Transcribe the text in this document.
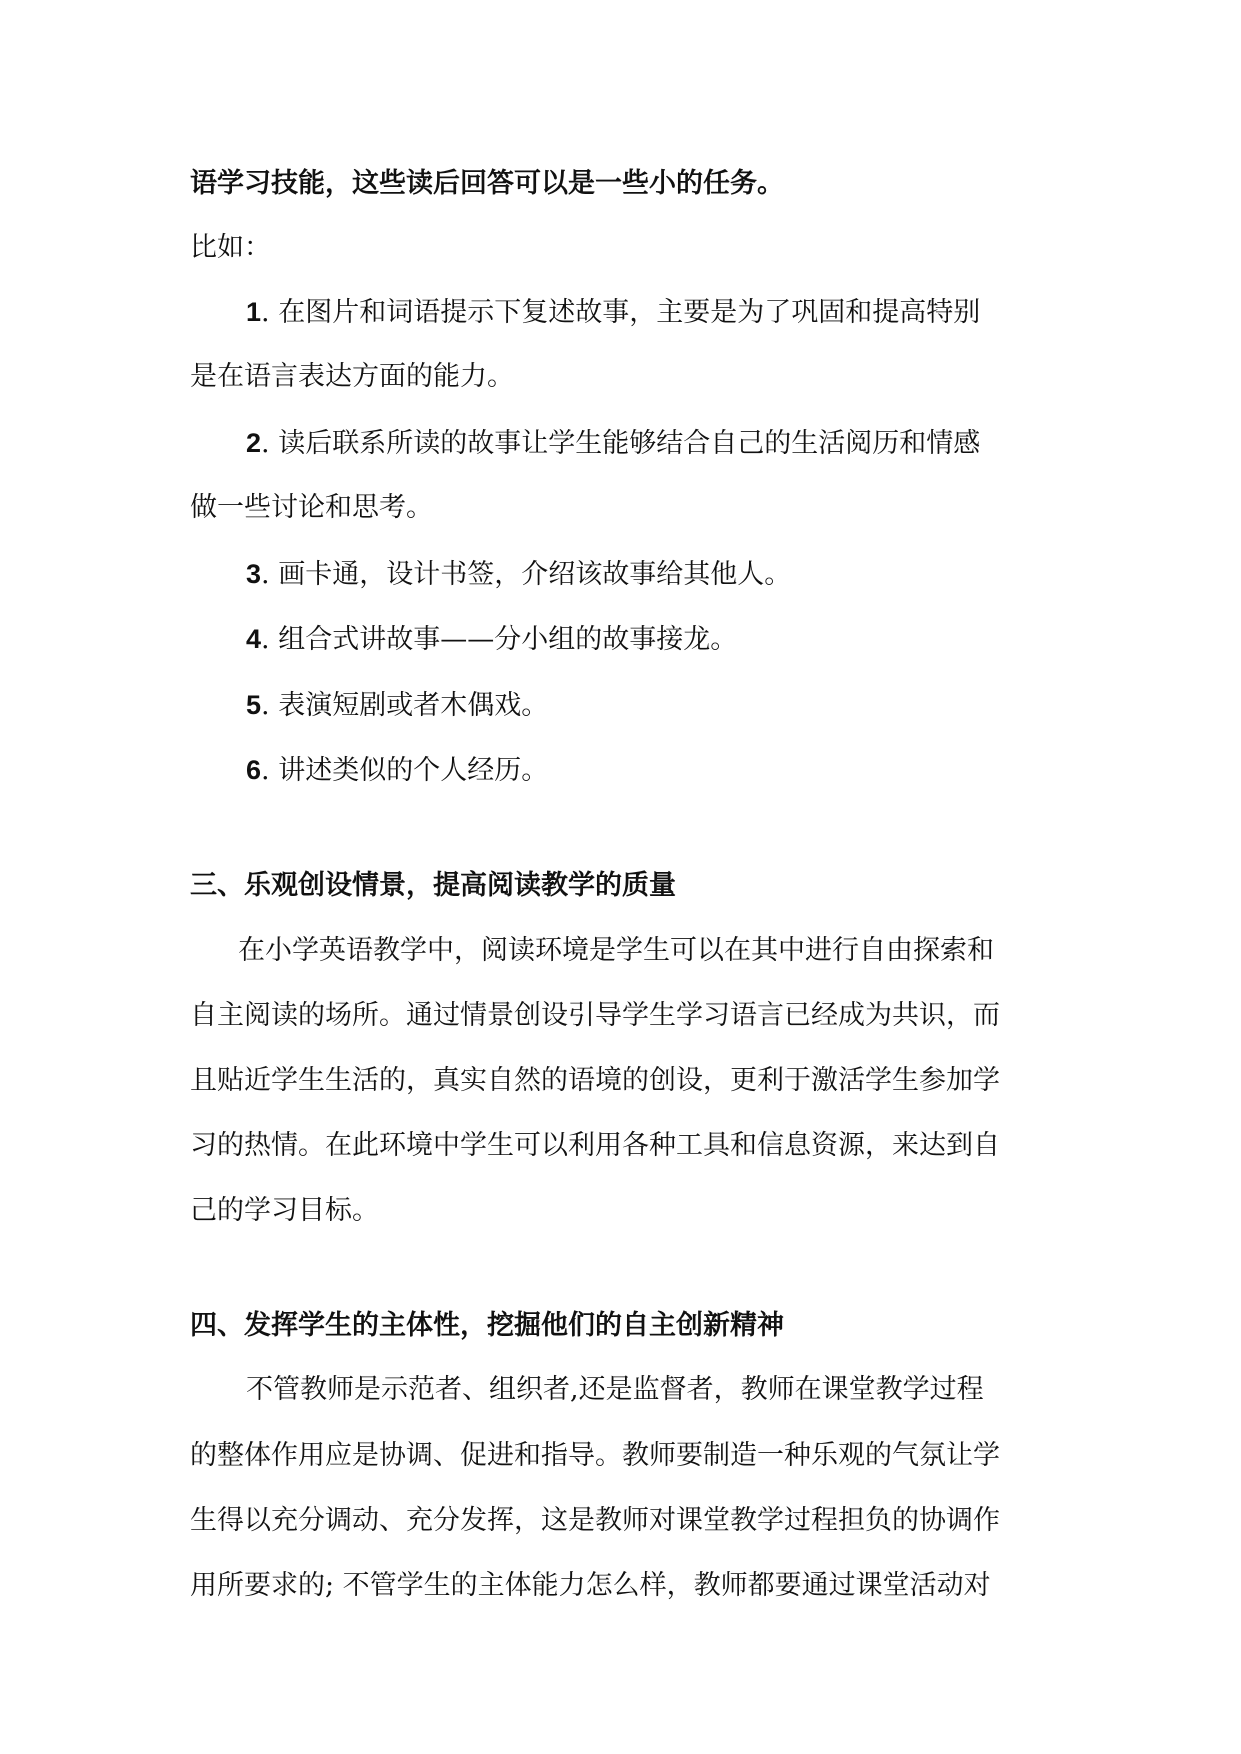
语学习技能，这些读后回答可以是一些小的任务。
比如：
1. 在图片和词语提示下复述故事，主要是为了巩固和提高特别
是在语言表达方面的能力。
2. 读后联系所读的故事让学生能够结合自己的生活阅历和情感
做一些讨论和思考。
3. 画卡通，设计书签，介绍该故事给其他人。
4. 组合式讲故事——分小组的故事接龙。
5. 表演短剧或者木偶戏。
6. 讲述类似的个人经历。
三、乐观创设情景，提高阅读教学的质量
在小学英语教学中，阅读环境是学生可以在其中进行自由探索和
自主阅读的场所。通过情景创设引导学生学习语言已经成为共识，而
且贴近学生生活的，真实自然的语境的创设，更利于激活学生参加学
习的热情。在此环境中学生可以利用各种工具和信息资源，来达到自
己的学习目标。
四、发挥学生的主体性，挖掘他们的自主创新精神
不管教师是示范者、组织者,还是监督者，教师在课堂教学过程
的整体作用应是协调、促进和指导。教师要制造一种乐观的气氛让学
生得以充分调动、充分发挥，这是教师对课堂教学过程担负的协调作
用所要求的; 不管学生的主体能力怎么样，教师都要通过课堂活动对
